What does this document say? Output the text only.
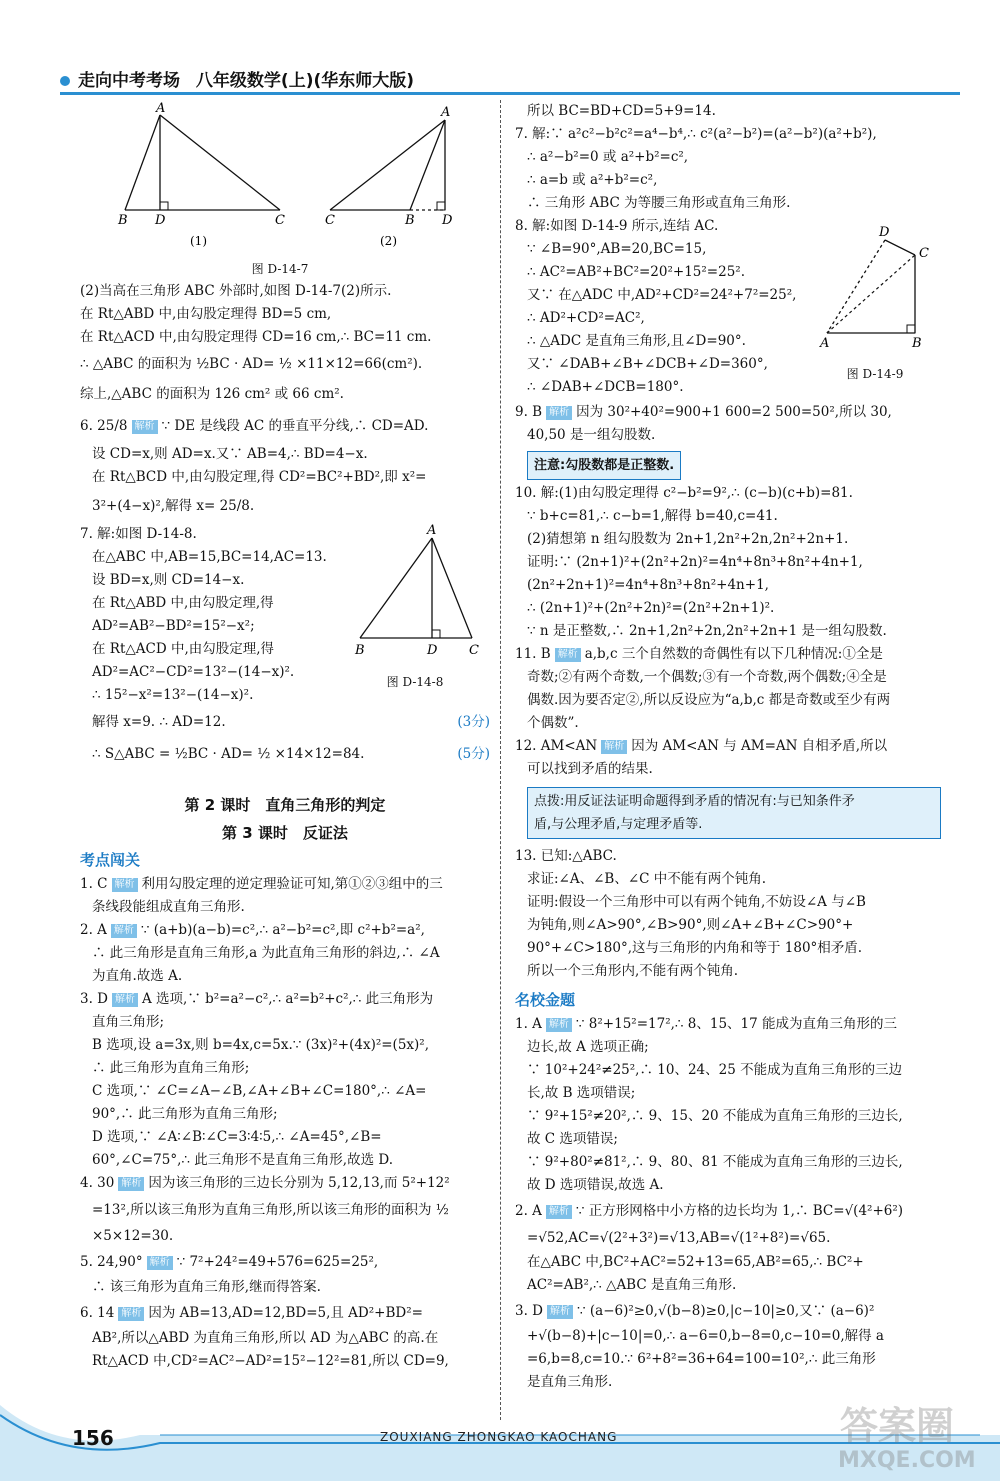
走向中考考场 八年级数学(上)(华东师大版)
A
B D	C
A
C	B D
(1)	(2)
图 D-14-7
(2)当高在三角形 ABC 外部时,如图 D-14-7(2)所示.
在 Rt△ABD 中,由勾股定理得 BD=5 cm,
在 Rt△ACD 中,由勾股定理得 CD=16 cm,∴ BC=11 cm.
∴ △ABC 的面积为 ½BC · AD= ½ ×11×12=66(cm²).
综上,△ABC 的面积为 126 cm² 或 66 cm².
6. 25/8 解析 ∵ DE 是线段 AC 的垂直平分线,∴ CD=AD.
设 CD=x,则 AD=x.又∵ AB=4,∴ BD=4−x.
在 Rt△BCD 中,由勾股定理,得 CD²=BC²+BD²,即 x²=
3²+(4−x)²,解得 x= 25/8.
7. 解:如图 D-14-8.
在△ABC 中,AB=15,BC=14,AC=13.
设 BD=x,则 CD=14−x.
在 Rt△ABD 中,由勾股定理,得
AD²=AB²−BD²=15²−x²;
在 Rt△ACD 中,由勾股定理,得
AD²=AC²−CD²=13²−(14−x)².
∴ 15²−x²=13²−(14−x)².
A
B	D C
图 D-14-8
解得 x=9. ∴ AD=12.	(3分)
∴ S△ABC = ½BC · AD= ½ ×14×12=84.	(5分)
第 2 课时　直角三角形的判定
第 3 课时　反证法
考点闯关
1. C 解析 利用勾股定理的逆定理验证可知,第①②③组中的三
条线段能组成直角三角形.
2. A 解析 ∵ (a+b)(a−b)=c²,∴ a²−b²=c²,即 c²+b²=a²,
∴ 此三角形是直角三角形,a 为此直角三角形的斜边,∴ ∠A
为直角.故选 A.
3. D 解析 A 选项,∵ b²=a²−c²,∴ a²=b²+c²,∴ 此三角形为
直角三角形;
B 选项,设 a=3x,则 b=4x,c=5x.∵ (3x)²+(4x)²=(5x)²,
∴ 此三角形为直角三角形;
C 选项,∵ ∠C=∠A−∠B,∠A+∠B+∠C=180°,∴ ∠A=
90°,∴ 此三角形为直角三角形;
D 选项,∵ ∠A∶∠B∶∠C=3∶4∶5,∴ ∠A=45°,∠B=
60°,∠C=75°,∴ 此三角形不是直角三角形,故选 D.
4. 30 解析 因为该三角形的三边长分别为 5,12,13,而 5²+12²
=13²,所以该三角形为直角三角形,所以该三角形的面积为 ½
×5×12=30.
5. 24,90° 解析 ∵ 7²+24²=49+576=625=25²,
∴ 该三角形为直角三角形,继而得答案.
6. 14 解析 因为 AB=13,AD=12,BD=5,且 AD²+BD²=
AB²,所以△ABD 为直角三角形,所以 AD 为△ABC 的高.在
Rt△ACD 中,CD²=AC²−AD²=15²−12²=81,所以 CD=9,
所以 BC=BD+CD=5+9=14.
7. 解:∵ a²c²−b²c²=a⁴−b⁴,∴ c²(a²−b²)=(a²−b²)(a²+b²),
∴ a²−b²=0 或 a²+b²=c²,
∴ a=b 或 a²+b²=c²,
∴ 三角形 ABC 为等腰三角形或直角三角形.
8. 解:如图 D-14-9 所示,连结 AC.
∵ ∠B=90°,AB=20,BC=15,
∴ AC²=AB²+BC²=20²+15²=25².
又∵ 在△ADC 中,AD²+CD²=24²+7²=25²,
∴ AD²+CD²=AC²,
∴ △ADC 是直角三角形,且∠D=90°.
又∵ ∠DAB+∠B+∠DCB+∠D=360°,
∴ ∠DAB+∠DCB=180°.
D
C
A	B
图 D-14-9
9. B 解析 因为 30²+40²=900+1 600=2 500=50²,所以 30,
40,50 是一组勾股数.
注意:勾股数都是正整数.
10. 解:(1)由勾股定理得 c²−b²=9²,∴ (c−b)(c+b)=81.
∵ b+c=81,∴ c−b=1,解得 b=40,c=41.
(2)猜想第 n 组勾股数为 2n+1,2n²+2n,2n²+2n+1.
证明:∵ (2n+1)²+(2n²+2n)²=4n⁴+8n³+8n²+4n+1,
(2n²+2n+1)²=4n⁴+8n³+8n²+4n+1,
∴ (2n+1)²+(2n²+2n)²=(2n²+2n+1)².
∵ n 是正整数,∴ 2n+1,2n²+2n,2n²+2n+1 是一组勾股数.
11. B 解析 a,b,c 三个自然数的奇偶性有以下几种情况:①全是
奇数;②有两个奇数,一个偶数;③有一个奇数,两个偶数;④全是
偶数.因为要否定②,所以反设应为“a,b,c 都是奇数或至少有两
个偶数”.
12. AM<AN 解析 因为 AM<AN 与 AM=AN 自相矛盾,所以
可以找到矛盾的结果.
点拨:用反证法证明命题得到矛盾的情况有:与已知条件矛
盾,与公理矛盾,与定理矛盾等.
13. 已知:△ABC.
求证:∠A、∠B、∠C 中不能有两个钝角.
证明:假设一个三角形中可以有两个钝角,不妨设∠A 与∠B
为钝角,则∠A>90°,∠B>90°,则∠A+∠B+∠C>90°+
90°+∠C>180°,这与三角形的内角和等于 180°相矛盾.
所以一个三角形内,不能有两个钝角.
名校金题
1. A 解析 ∵ 8²+15²=17²,∴ 8、15、17 能成为直角三角形的三
边长,故 A 选项正确;
∵ 10²+24²≠25²,∴ 10、24、25 不能成为直角三角形的三边
长,故 B 选项错误;
∵ 9²+15²≠20²,∴ 9、15、20 不能成为直角三角形的三边长,
故 C 选项错误;
∵ 9²+80²≠81²,∴ 9、80、81 不能成为直角三角形的三边长,
故 D 选项错误,故选 A.
2. A 解析 ∵ 正方形网格中小方格的边长均为 1,∴ BC=√(4²+6²)
=√52,AC=√(2²+3²)=√13,AB=√(1²+8²)=√65.
在△ABC 中,BC²+AC²=52+13=65,AB²=65,∴ BC²+
AC²=AB²,∴ △ABC 是直角三角形.
3. D 解析 ∵ (a−6)²≥0,√(b−8)≥0,|c−10|≥0,又∵ (a−6)²
+√(b−8)+|c−10|=0,∴ a−6=0,b−8=0,c−10=0,解得 a
=6,b=8,c=10.∵ 6²+8²=36+64=100=10²,∴ 此三角形
是直角三角形.
156	ZOUXIANG ZHONGKAO KAOCHANG	答案圈
MXQE.COM
